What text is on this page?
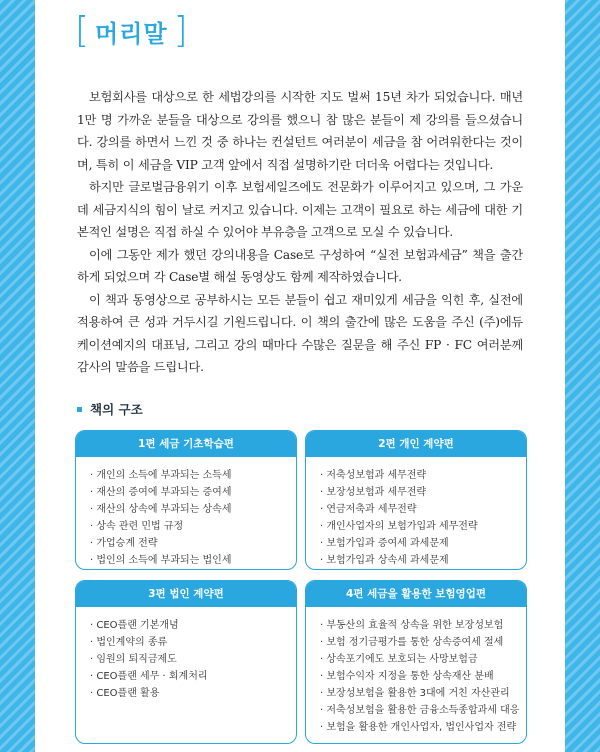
[ 머리말 ]

보험회사를 대상으로 한 세법강의를 시작한 지도 벌써 15년 차가 되었습니다. 매년 1만 명 가까운 분들을 대상으로 강의를 했으니 참 많은 분들이 제 강의를 들으셨습니다. 강의를 하면서 느낀 것 중 하나는 컨설턴트 여러분이 세금을 참 어려워한다는 것이며, 특히 이 세금을 VIP 고객 앞에서 직접 설명하기란 더더욱 어렵다는 것입니다.

하지만 글로벌금융위기 이후 보험세일즈에도 전문화가 이루어지고 있으며, 그 가운데 세금지식의 힘이 날로 커지고 있습니다. 이제는 고객이 필요로 하는 세금에 대한 기본적인 설명은 직접 하실 수 있어야 부유층을 고객으로 모실 수 있습니다.

이에 그동안 제가 했던 강의내용을 Case로 구성하여 “실전 보험과세금” 책을 출간하게 되었으며 각 Case별 해설 동영상도 함께 제작하였습니다.

이 책과 동영상으로 공부하시는 모든 분들이 쉽고 재미있게 세금을 익힌 후, 실전에 적용하여 큰 성과 거두시길 기원드립니다. 이 책의 출간에 많은 도움을 주신 (주)에듀케이션예지의 대표님, 그리고 강의 때마다 수많은 질문을 해 주신 FP · FC 여러분께 감사의 말씀을 드립니다.

책의 구조
1편 세금 기초학습편
· 개인의 소득에 부과되는 소득세
· 재산의 증여에 부과되는 증여세
· 재산의 상속에 부과되는 상속세
· 상속 관련 민법 규정
· 가업승계 전략
· 법인의 소득에 부과되는 법인세
2편 개인 계약편
· 저축성보험과 세무전략
· 보장성보험과 세무전략
· 연금저축과 세무전략
· 개인사업자의 보험가입과 세무전략
· 보험가입과 증여세 과세문제
· 보험가입과 상속세 과세문제
3편 법인 계약편
· CEO플랜 기본개념
· 법인계약의 종류
· 임원의 퇴직금제도
· CEO플랜 세무 · 회계처리
· CEO플랜 활용
4편 세금을 활용한 보험영업편
· 부동산의 효율적 상속을 위한 보장성보험
· 보험 정기금평가를 통한 상속증여세 절세
· 상속포기에도 보호되는 사망보험금
· 보험수익자 지정을 통한 상속재산 분배
· 보장성보험을 활용한 3대에 거친 자산관리
· 저축성보험을 활용한 금융소득종합과세 대응
· 보험을 활용한 개인사업자, 법인사업자 전략
